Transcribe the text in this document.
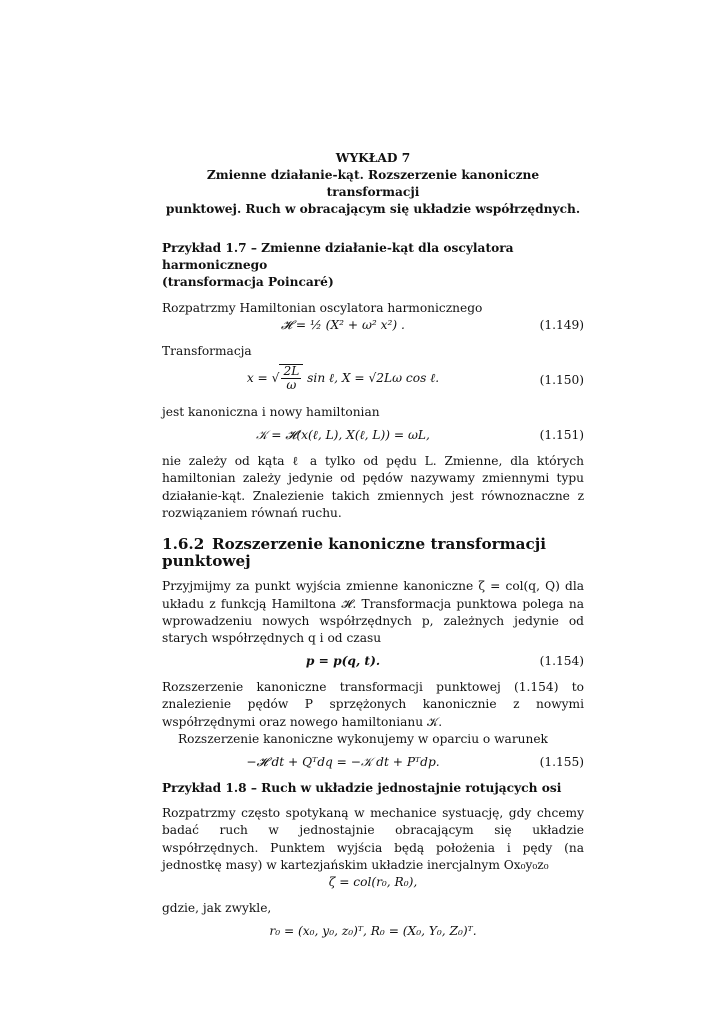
WYKŁAD 7
Zmienne działanie-kąt. Rozszerzenie kanoniczne transformacji
punktowej. Ruch w obracającym się układzie współrzędnych.

Przykład 1.7 – Zmienne działanie-kąt dla oscylatora harmonicznego

(transformacja Poincaré)

Rozpatrzmy Hamiltonian oscylatora harmonicznego

𝓗 = ½ (X² + ω² x²) .	(1.149)

Transformacja

x = √ $\frac{2L}{\omega}$ sin ℓ, X = √2Lω cos ℓ.	(1.150)

jest kanoniczna i nowy hamiltonian

𝒦 = 𝓗(x(ℓ, L), X(ℓ, L)) = ωL,	(1.151)

nie zależy od kąta ℓ a tylko od pędu L. Zmienne, dla których hamiltonian zależy jedynie od pędów nazywamy zmiennymi typu działanie-kąt. Znalezienie takich zmiennych jest równoznaczne z rozwiązaniem równań ruchu.

1.6.2 Rozszerzenie kanoniczne transformacji punktowej

Przyjmijmy za punkt wyjścia zmienne kanoniczne ζ = col(q, Q) dla układu z funkcją Hamiltona 𝓗. Transformacja punktowa polega na wprowadzeniu nowych współrzędnych p, zależnych jedynie od starych współrzędnych q i od czasu

p = p(q, t).	(1.154)

Rozszerzenie kanoniczne transformacji punktowej (1.154) to znalezienie pędów P sprzężonych kanonicznie z nowymi współrzędnymi oraz nowego hamiltonianu 𝒦.

Rozszerzenie kanoniczne wykonujemy w oparciu o warunek

−𝓗 dt + Qᵀdq = −𝒦 dt + Pᵀdp.	(1.155)

Przykład 1.8 – Ruch w układzie jednostajnie rotujących osi

Rozpatrzmy często spotykaną w mechanice systuację, gdy chcemy badać ruch w jednostajnie obracającym się układzie współrzędnych. Punktem wyjścia będą położenia i pędy (na jednostkę masy) w kartezjańskim układzie inercjalnym Ox₀y₀z₀

ζ = col(r₀, R₀),

gdzie, jak zwykle,

r₀ = (x₀, y₀, z₀)ᵀ, R₀ = (X₀, Y₀, Z₀)ᵀ.
